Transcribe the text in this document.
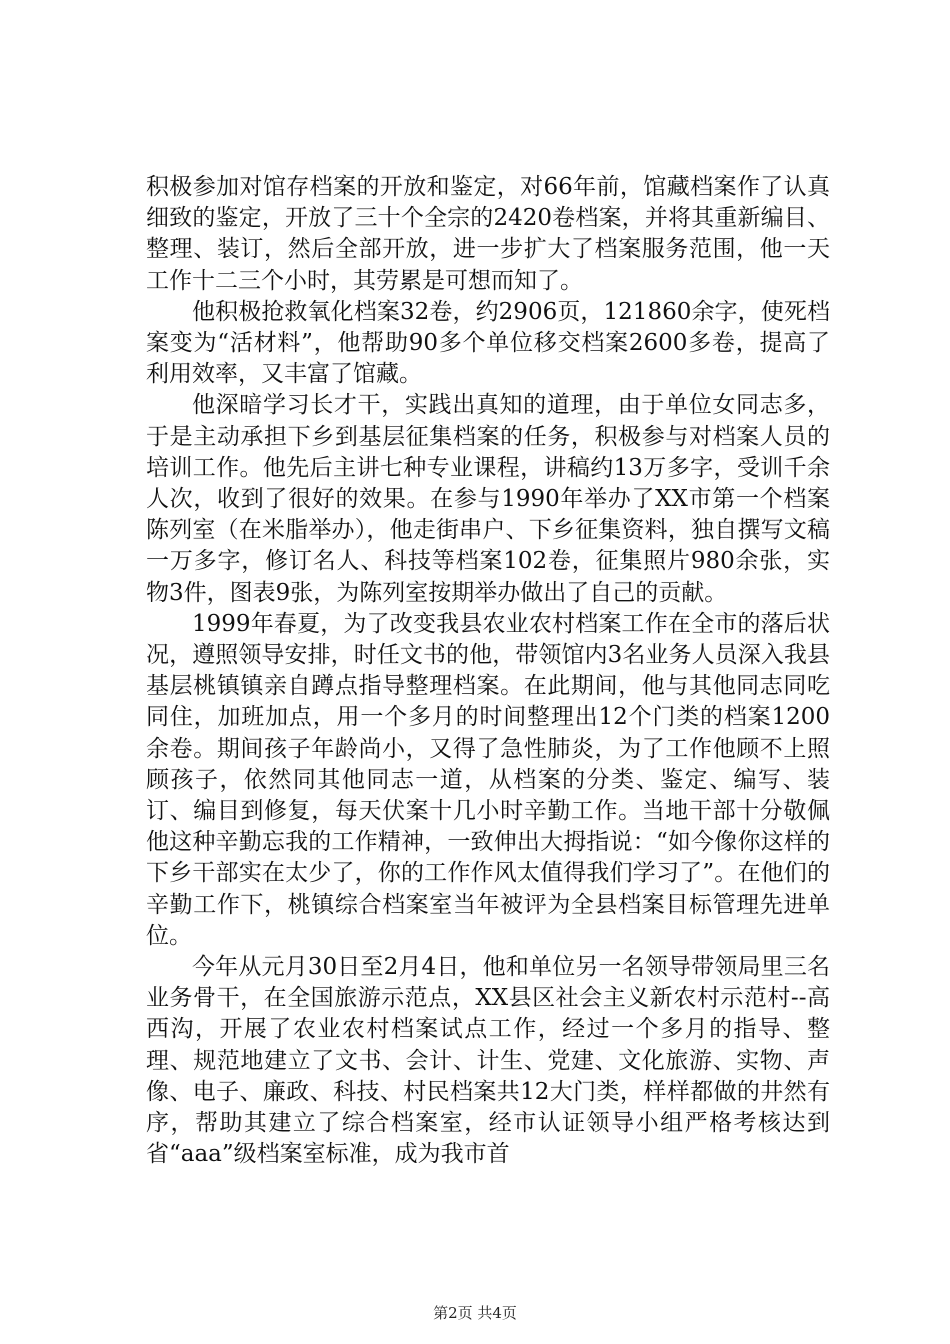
积极参加对馆存档案的开放和鉴定，对66年前，馆藏档案作了认真细致的鉴定，开放了三十个全宗的2420卷档案，并将其重新编目、整理、装订，然后全部开放，进一步扩大了档案服务范围，他一天工作十二三个小时，其劳累是可想而知了。

他积极抢救氧化档案32卷，约2906页，121860余字，使死档案变为“活材料”，他帮助90多个单位移交档案2600多卷，提高了利用效率，又丰富了馆藏。

他深暗学习长才干，实践出真知的道理，由于单位女同志多，于是主动承担下乡到基层征集档案的任务，积极参与对档案人员的培训工作。他先后主讲七种专业课程，讲稿约13万多字，受训千余人次，收到了很好的效果。在参与1990年举办了XX市第一个档案陈列室（在米脂举办），他走街串户、下乡征集资料，独自撰写文稿一万多字，修订名人、科技等档案102卷，征集照片980余张，实物3件，图表9张，为陈列室按期举办做出了自己的贡献。

1999年春夏，为了改变我县农业农村档案工作在全市的落后状况，遵照领导安排，时任文书的他，带领馆内3名业务人员深入我县基层桃镇镇亲自蹲点指导整理档案。在此期间，他与其他同志同吃同住，加班加点，用一个多月的时间整理出12个门类的档案1200余卷。期间孩子年龄尚小，又得了急性肺炎，为了工作他顾不上照顾孩子，依然同其他同志一道，从档案的分类、鉴定、编写、装订、编目到修复，每天伏案十几小时辛勤工作。当地干部十分敬佩他这种辛勤忘我的工作精神，一致伸出大拇指说：“如今像你这样的下乡干部实在太少了，你的工作作风太值得我们学习了”。在他们的辛勤工作下，桃镇综合档案室当年被评为全县档案目标管理先进单位。

今年从元月30日至2月4日，他和单位另一名领导带领局里三名业务骨干，在全国旅游示范点，XX县区社会主义新农村示范村--高西沟，开展了农业农村档案试点工作，经过一个多月的指导、整理、规范地建立了文书、会计、计生、党建、文化旅游、实物、声像、电子、廉政、科技、村民档案共12大门类，样样都做的井然有序，帮助其建立了综合档案室，经市认证领导小组严格考核达到省“aaa”级档案室标准，成为我市首

第2页 共4页
